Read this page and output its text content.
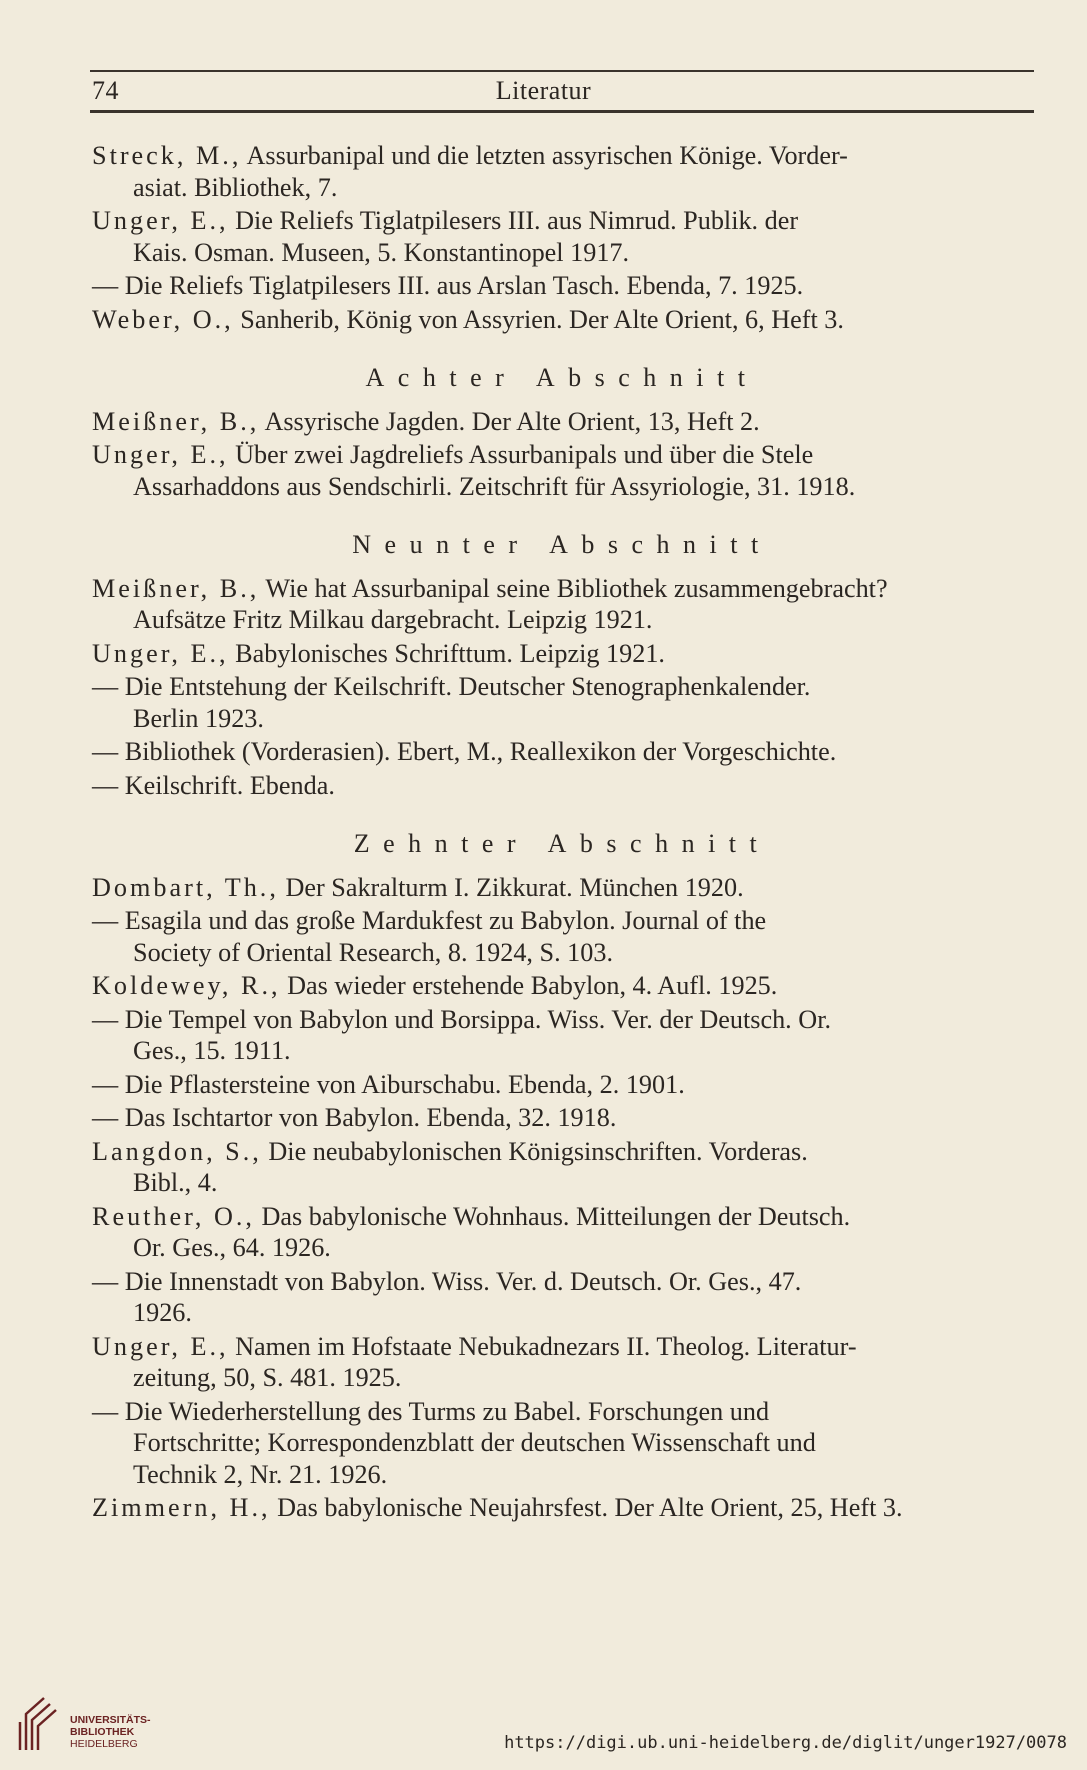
74	Literatur
Streck, M., Assurbanipal und die letzten assyrischen Könige. Vorder-
asiat. Bibliothek, 7.
Unger, E., Die Reliefs Tiglatpilesers III. aus Nimrud. Publik. der
Kais. Osman. Museen, 5. Konstantinopel 1917.
— Die Reliefs Tiglatpilesers III. aus Arslan Tasch. Ebenda, 7. 1925.
Weber, O., Sanherib, König von Assyrien. Der Alte Orient, 6, Heft 3.
Achter Abschnitt
Meißner, B., Assyrische Jagden. Der Alte Orient, 13, Heft 2.
Unger, E., Über zwei Jagdreliefs Assurbanipals und über die Stele
Assarhaddons aus Sendschirli. Zeitschrift für Assyriologie, 31. 1918.
Neunter Abschnitt
Meißner, B., Wie hat Assurbanipal seine Bibliothek zusammengebracht?
Aufsätze Fritz Milkau dargebracht. Leipzig 1921.
Unger, E., Babylonisches Schrifttum. Leipzig 1921.
— Die Entstehung der Keilschrift. Deutscher Stenographenkalender.
Berlin 1923.
— Bibliothek (Vorderasien). Ebert, M., Reallexikon der Vorgeschichte.
— Keilschrift. Ebenda.
Zehnter Abschnitt
Dombart, Th., Der Sakralturm I. Zikkurat. München 1920.
— Esagila und das große Mardukfest zu Babylon. Journal of the
Society of Oriental Research, 8. 1924, S. 103.
Koldewey, R., Das wieder erstehende Babylon, 4. Aufl. 1925.
— Die Tempel von Babylon und Borsippa. Wiss. Ver. der Deutsch. Or.
Ges., 15. 1911.
— Die Pflastersteine von Aiburschabu. Ebenda, 2. 1901.
— Das Ischtartor von Babylon. Ebenda, 32. 1918.
Langdon, S., Die neubabylonischen Königsinschriften. Vorderas.
Bibl., 4.
Reuther, O., Das babylonische Wohnhaus. Mitteilungen der Deutsch.
Or. Ges., 64. 1926.
— Die Innenstadt von Babylon. Wiss. Ver. d. Deutsch. Or. Ges., 47.
1926.
Unger, E., Namen im Hofstaate Nebukadnezars II. Theolog. Literatur-
zeitung, 50, S. 481. 1925.
— Die Wiederherstellung des Turms zu Babel. Forschungen und
Fortschritte; Korrespondenzblatt der deutschen Wissenschaft und
Technik 2, Nr. 21. 1926.
Zimmern, H., Das babylonische Neujahrsfest. Der Alte Orient, 25, Heft 3.
UNIVERSITÄTS-
BIBLIOTHEK
HEIDELBERG	https://digi.ub.uni-heidelberg.de/diglit/unger1927/0078
